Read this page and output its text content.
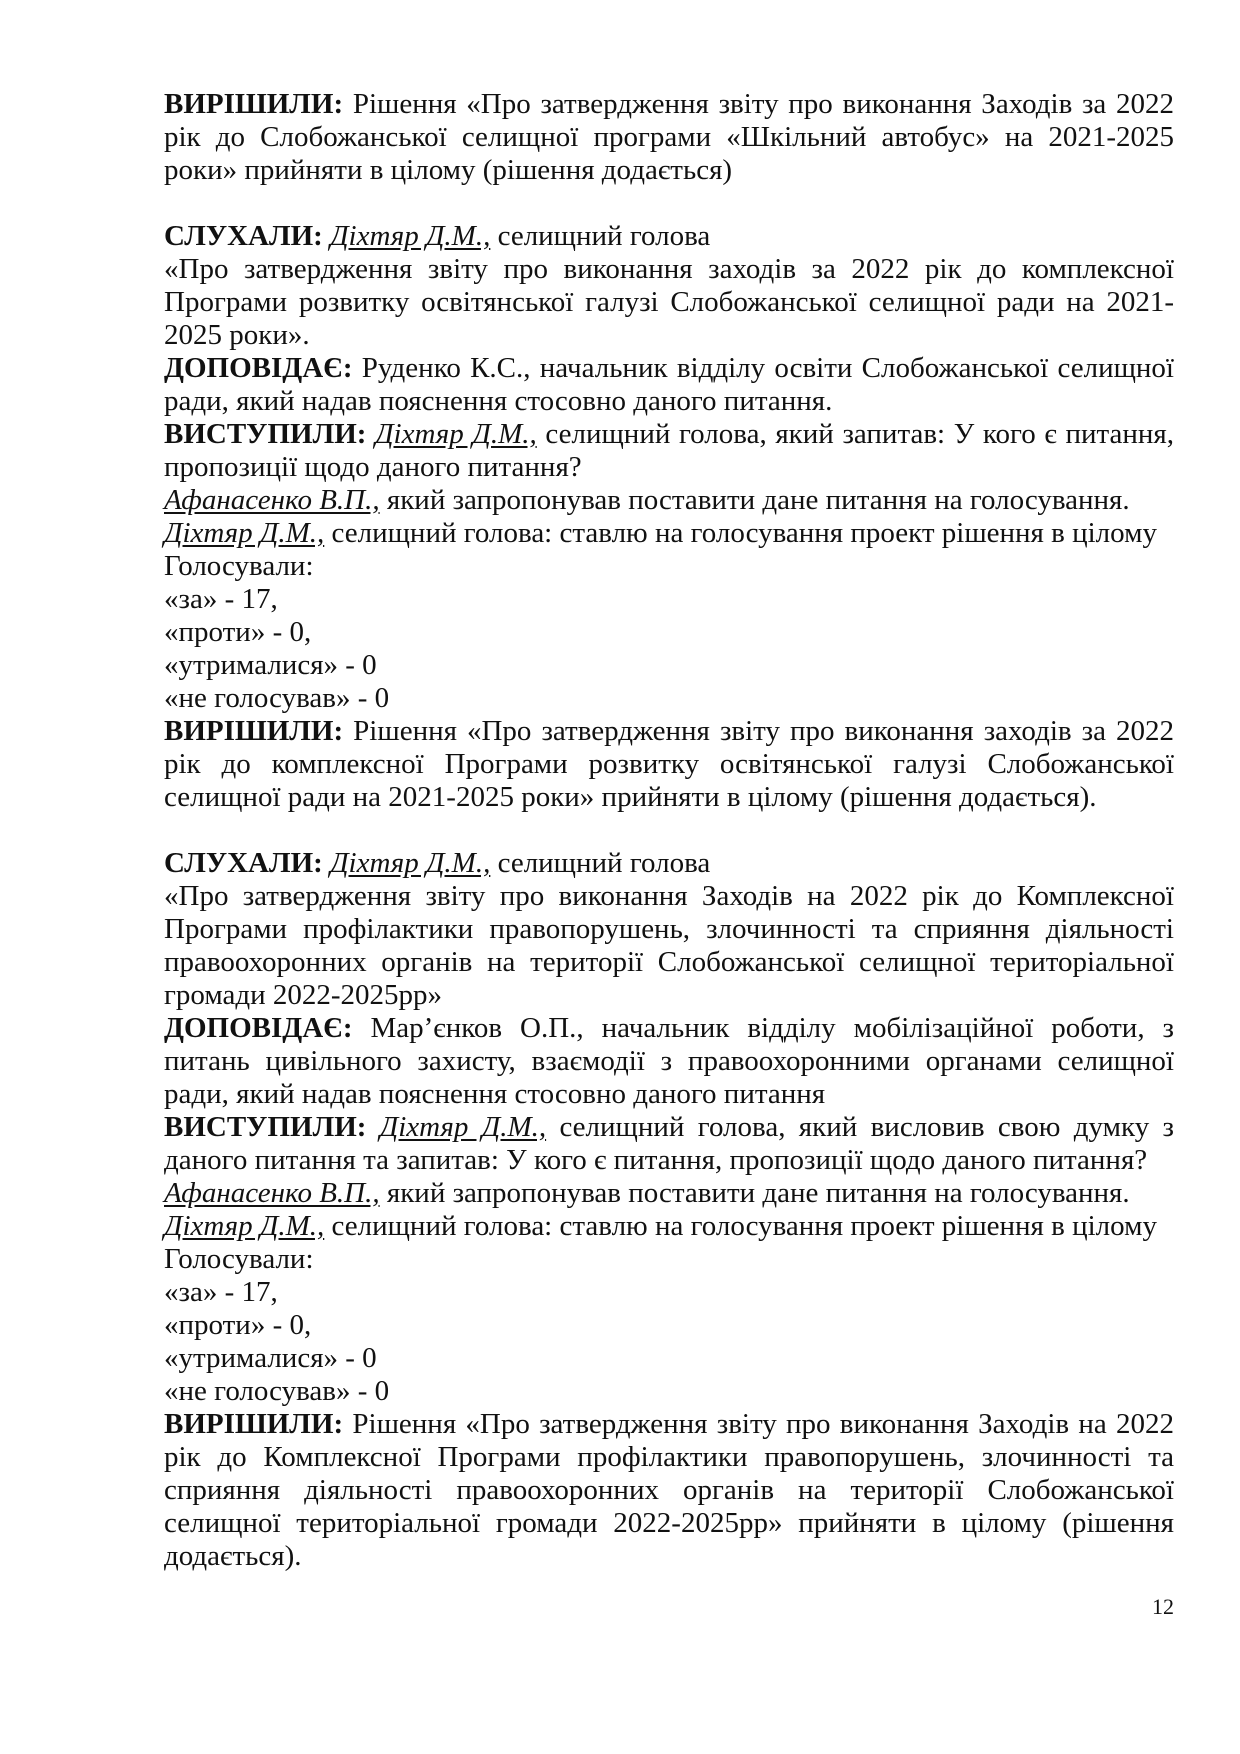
ВИРІШИЛИ: Рішення «Про затвердження звіту про виконання Заходів за 2022 рік до Слобожанської селищної програми «Шкільний автобус» на 2021-2025 роки» прийняти в цілому (рішення додається)

СЛУХАЛИ: Діхтяр Д.М., селищний голова

«Про затвердження звіту про виконання заходів за 2022 рік до комплексної Програми розвитку освітянської галузі Слобожанської селищної ради на 2021-2025 роки».

ДОПОВІДАЄ: Руденко К.С., начальник відділу освіти Слобожанської селищної ради, який надав пояснення стосовно даного питання.

ВИСТУПИЛИ: Діхтяр Д.М., селищний голова, який запитав: У кого є питання, пропозиції щодо даного питання?

Афанасенко В.П., який запропонував поставити дане питання на голосування.

Діхтяр Д.М., селищний голова: ставлю на голосування проект рішення в цілому

Голосували:

«за» - 17,

«проти» - 0,

«утрималися» - 0

«не голосував» - 0

ВИРІШИЛИ: Рішення «Про затвердження звіту про виконання заходів за 2022 рік до комплексної Програми розвитку освітянської галузі Слобожанської селищної ради на 2021-2025 роки» прийняти в цілому (рішення додається).

СЛУХАЛИ: Діхтяр Д.М., селищний голова

«Про затвердження звіту про виконання Заходів на 2022 рік до Комплексної Програми профілактики правопорушень, злочинності та сприяння діяльності правоохоронних органів на території Слобожанської селищної територіальної громади 2022-2025рр»

ДОПОВІДАЄ: Мар’єнков О.П., начальник відділу мобілізаційної роботи, з питань цивільного захисту, взаємодії з правоохоронними органами селищної ради, який надав пояснення стосовно даного питання

ВИСТУПИЛИ: Діхтяр Д.М., селищний голова, який висловив свою думку з даного питання та запитав: У кого є питання, пропозиції щодо даного питання?

Афанасенко В.П., який запропонував поставити дане питання на голосування.

Діхтяр Д.М., селищний голова: ставлю на голосування проект рішення в цілому

Голосували:

«за» - 17,

«проти» - 0,

«утрималися» - 0

«не голосував» - 0

ВИРІШИЛИ: Рішення «Про затвердження звіту про виконання Заходів на 2022 рік до Комплексної Програми профілактики правопорушень, злочинності та сприяння діяльності правоохоронних органів на території Слобожанської селищної територіальної громади 2022-2025рр» прийняти в цілому (рішення додається).

12
